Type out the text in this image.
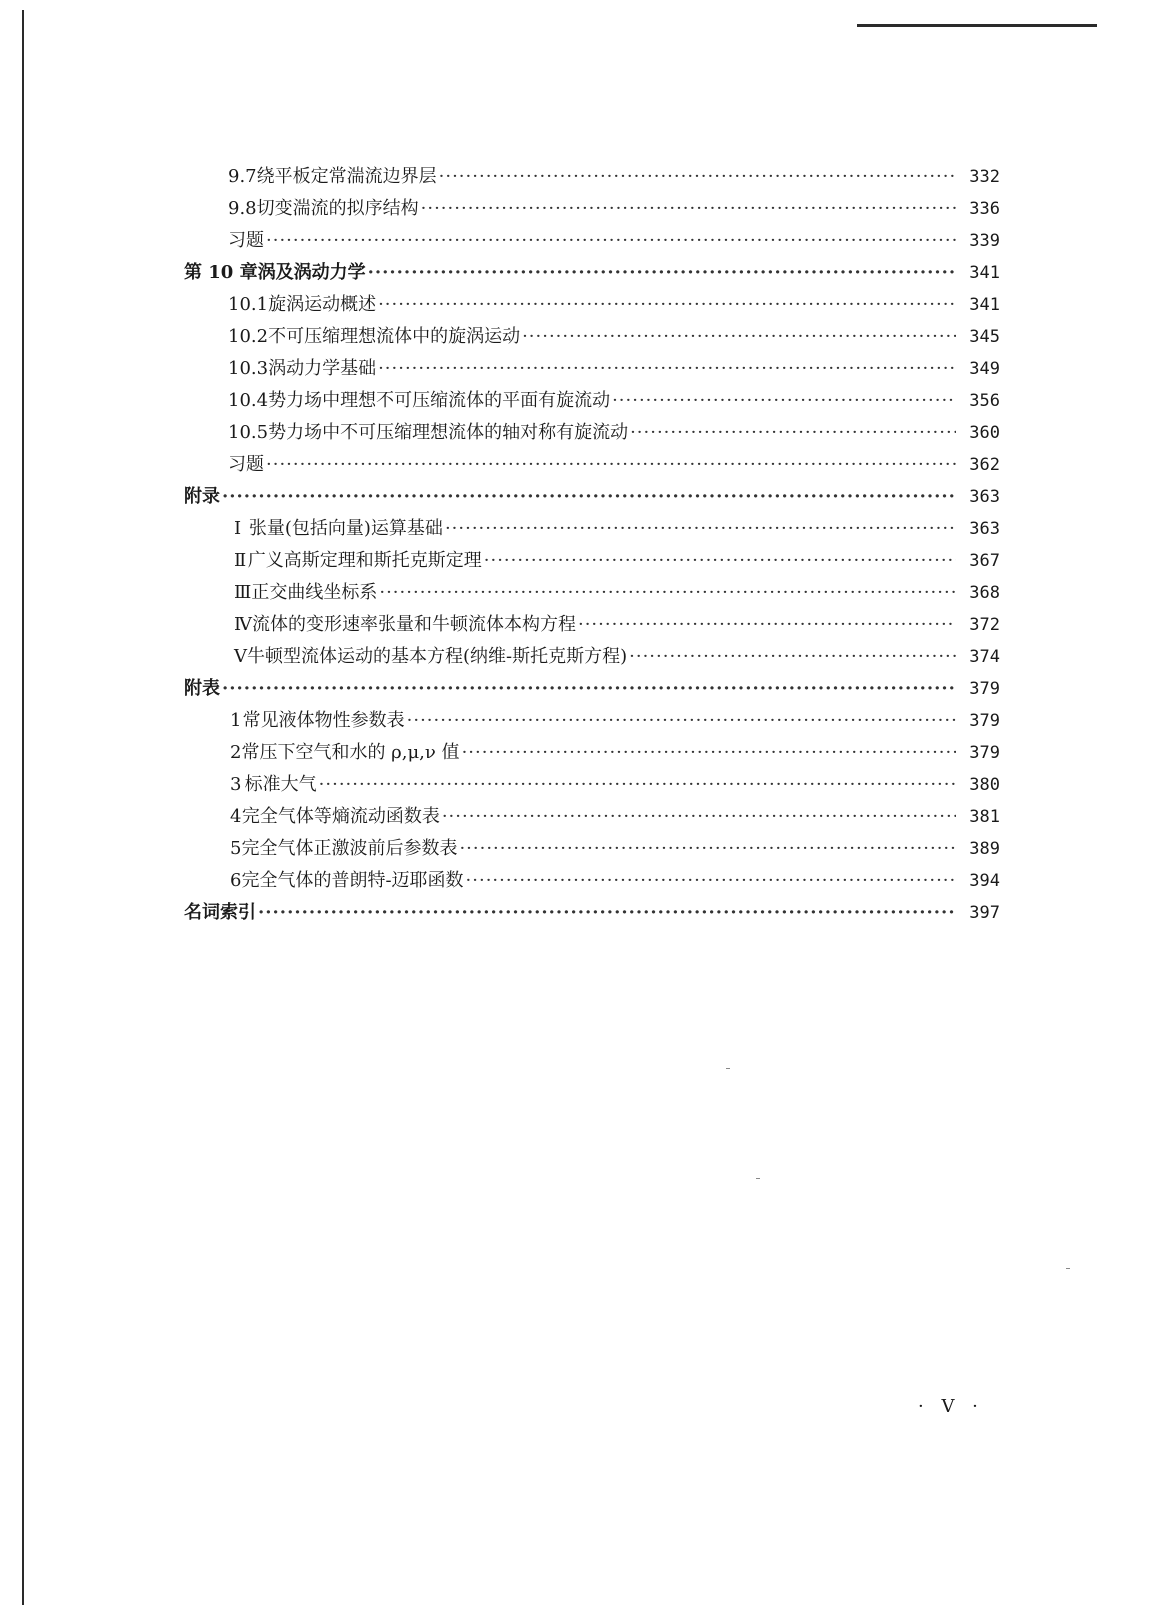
9.7 绕平板定常湍流边界层 ·····	332
9.8 切变湍流的拟序结构 ·····	336
习题 ·····	339
第 10 章 涡及涡动力学 ·····	341
10.1 旋涡运动概述 ·····	341
10.2 不可压缩理想流体中的旋涡运动 ·····	345
10.3 涡动力学基础 ·····	349
10.4 势力场中理想不可压缩流体的平面有旋流动 ·····	356
10.5 势力场中不可压缩理想流体的轴对称有旋流动 ·····	360
习题 ·····	362
附录 ·····	363
Ⅰ 张量(包括向量)运算基础 ·····	363
Ⅱ 广义高斯定理和斯托克斯定理 ·····	367
Ⅲ 正交曲线坐标系 ·····	368
Ⅳ 流体的变形速率张量和牛顿流体本构方程 ·····	372
Ⅴ 牛顿型流体运动的基本方程(纳维-斯托克斯方程) ·····	374
附表 ·····	379
1 常见液体物性参数表 ·····	379
2 常压下空气和水的 ρ,μ,ν 值 ·····	379
3 标准大气 ·····	380
4 完全气体等熵流动函数表 ·····	381
5 完全气体正激波前后参数表 ·····	389
6 完全气体的普朗特-迈耶函数 ·····	394
名词索引 ·····	397
· Ⅴ ·
